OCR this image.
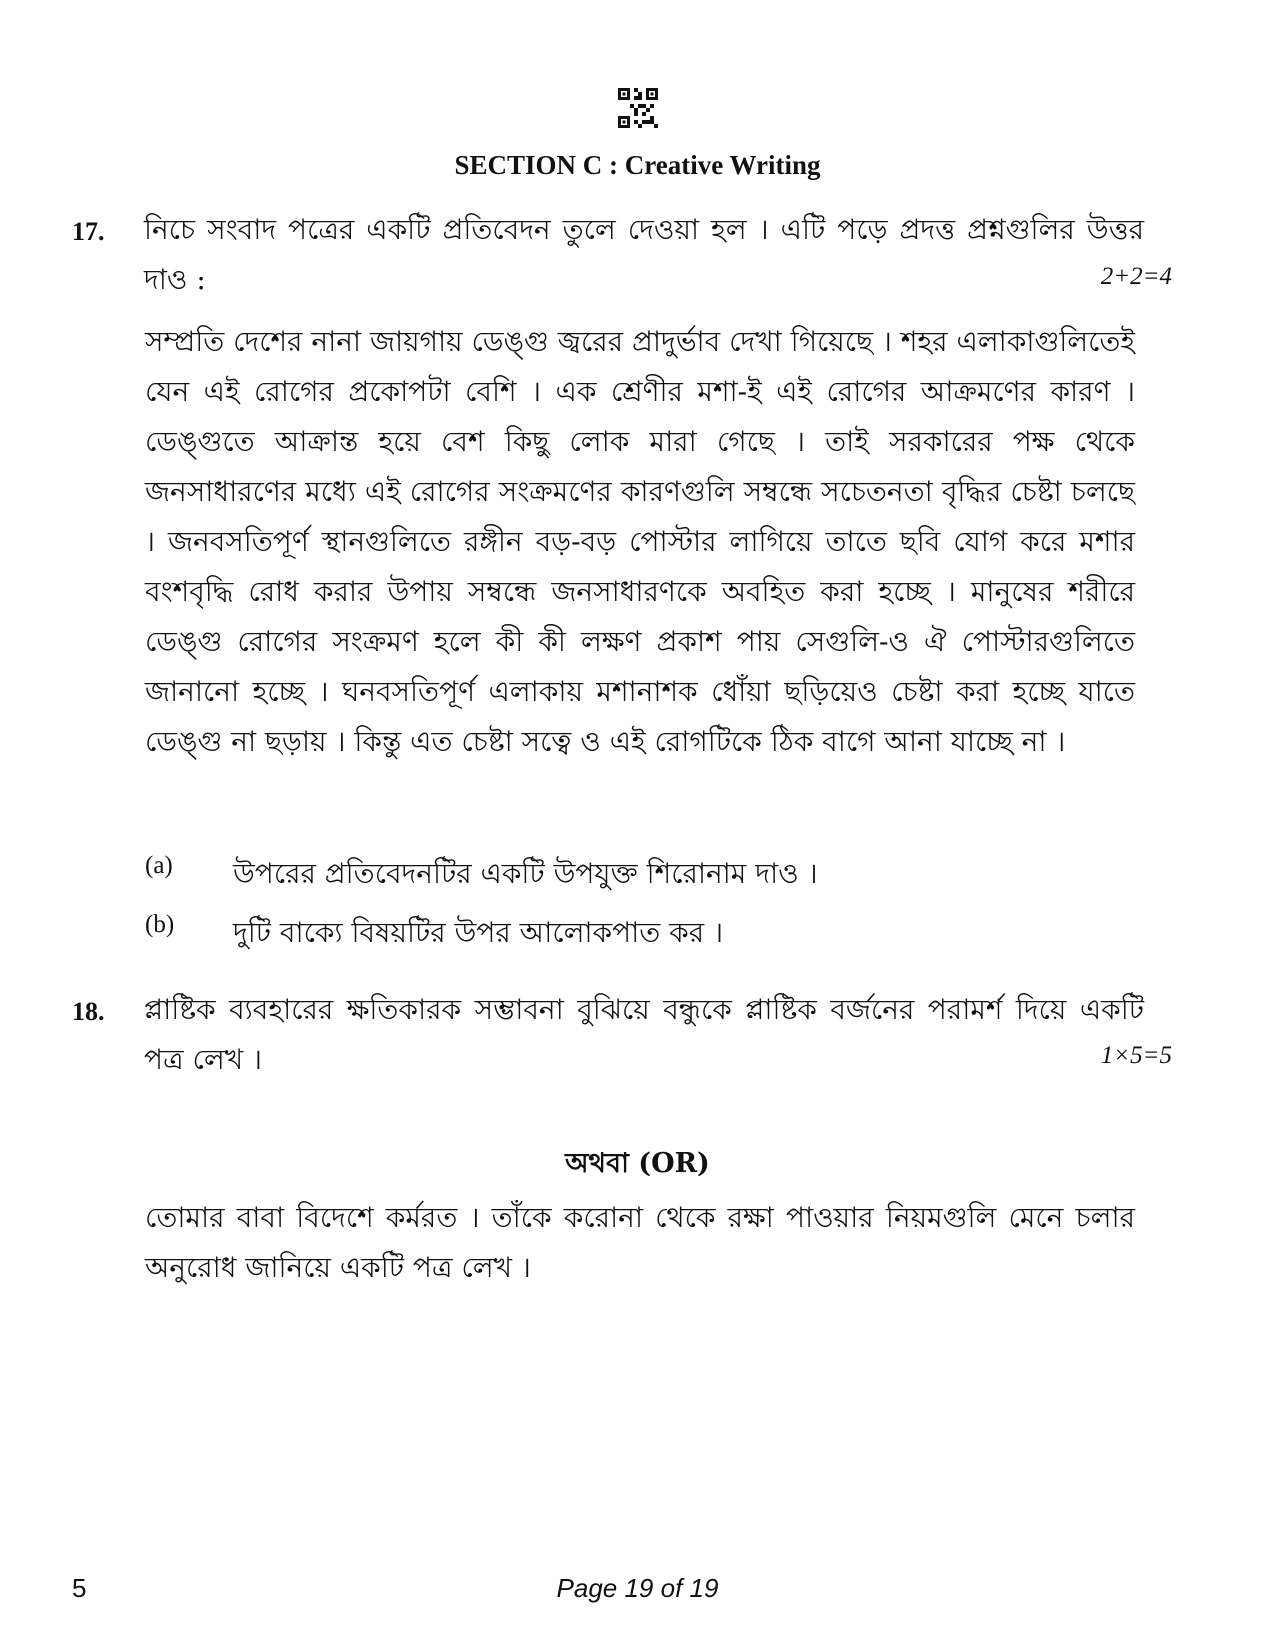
SECTION C : Creative Writing
17. নিচে সংবাদ পত্রের একটি প্রতিবেদন তুলে দেওয়া হল । এটি পড়ে প্রদত্ত প্রশ্নগুলির উত্তর দাও :	2+2=4
সম্প্রতি দেশের নানা জায়গায় ডেঙ্গু জ্বরের প্রাদুর্ভাব দেখা গিয়েছে । শহর এলাকাগুলিতেই যেন এই রোগের প্রকোপটা বেশি । এক শ্রেণীর মশা-ই এই রোগের আক্রমণের কারণ । ডেঙ্গুতে আক্রান্ত হয়ে বেশ কিছু লোক মারা গেছে । তাই সরকারের পক্ষ থেকে জনসাধারণের মধ্যে এই রোগের সংক্রমণের কারণগুলি সম্বন্ধে সচেতনতা বৃদ্ধির চেষ্টা চলছে । জনবসতিপূর্ণ স্থানগুলিতে রঙ্গীন বড়-বড় পোস্টার লাগিয়ে তাতে ছবি যোগ করে মশার বংশবৃদ্ধি রোধ করার উপায় সম্বন্ধে জনসাধারণকে অবহিত করা হচ্ছে । মানুষের শরীরে ডেঙ্গু রোগের সংক্রমণ হলে কী কী লক্ষণ প্রকাশ পায় সেগুলি-ও ঐ পোস্টারগুলিতে জানানো হচ্ছে । ঘনবসতিপূর্ণ এলাকায় মশানাশক ধোঁয়া ছড়িয়েও চেষ্টা করা হচ্ছে যাতে ডেঙ্গু না ছড়ায় । কিন্তু এত চেষ্টা সত্বে ও এই রোগটিকে ঠিক বাগে আনা যাচ্ছে না ।
(a) উপরের প্রতিবেদনটির একটি উপযুক্ত শিরোনাম দাও ।
(b) দুটি বাক্যে বিষয়টির উপর আলোকপাত কর ।
18. প্লাষ্টিক ব্যবহারের ক্ষতিকারক সম্ভাবনা বুঝিয়ে বন্ধুকে প্লাষ্টিক বর্জনের পরামর্শ দিয়ে একটি পত্র লেখ ।	1×5=5
অথবা (OR)
তোমার বাবা বিদেশে কর্মরত । তাঁকে করোনা থেকে রক্ষা পাওয়ার নিয়মগুলি মেনে চলার অনুরোধ জানিয়ে একটি পত্র লেখ ।
5	Page 19 of 19
